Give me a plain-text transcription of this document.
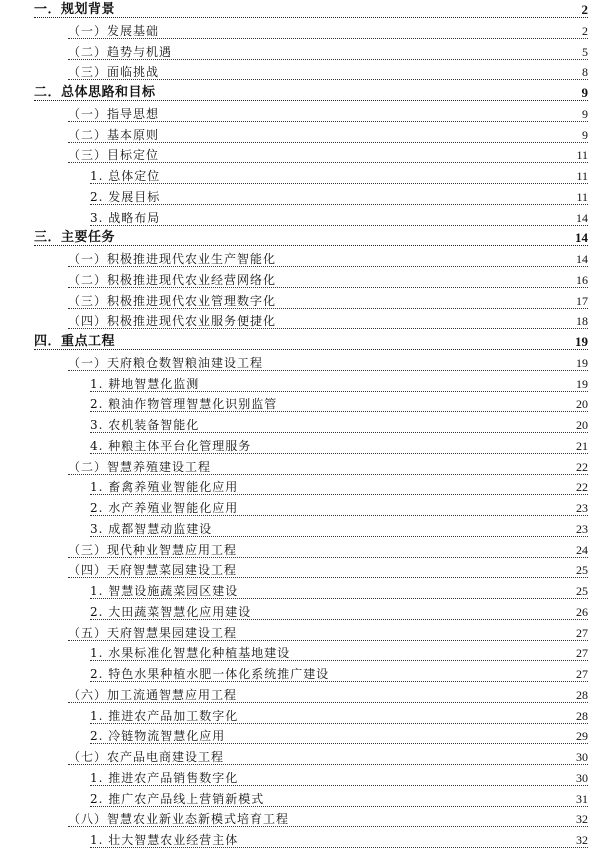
一．规划背景	2
（一）发展基础	2
（二）趋势与机遇	5
（三）面临挑战	8
二．总体思路和目标	9
（一）指导思想	9
（二）基本原则	9
（三）目标定位	11
1. 总体定位	11
2. 发展目标	11
3. 战略布局	14
三．主要任务	14
（一）积极推进现代农业生产智能化	14
（二）积极推进现代农业经营网络化	16
（三）积极推进现代农业管理数字化	17
（四）积极推进现代农业服务便捷化	18
四．重点工程	19
（一）天府粮仓数智粮油建设工程	19
1. 耕地智慧化监测	19
2. 粮油作物管理智慧化识别监管	20
3. 农机装备智能化	20
4. 种粮主体平台化管理服务	21
（二）智慧养殖建设工程	22
1. 畜禽养殖业智能化应用	22
2. 水产养殖业智能化应用	23
3. 成都智慧动监建设	23
（三）现代种业智慧应用工程	24
（四）天府智慧菜园建设工程	25
1. 智慧设施蔬菜园区建设	25
2. 大田蔬菜智慧化应用建设	26
（五）天府智慧果园建设工程	27
1. 水果标准化智慧化种植基地建设	27
2. 特色水果种植水肥一体化系统推广建设	27
（六）加工流通智慧应用工程	28
1. 推进农产品加工数字化	28
2. 冷链物流智慧化应用	29
（七）农产品电商建设工程	30
1. 推进农产品销售数字化	30
2. 推广农产品线上营销新模式	31
（八）智慧农业新业态新模式培育工程	32
1. 壮大智慧农业经营主体	32
